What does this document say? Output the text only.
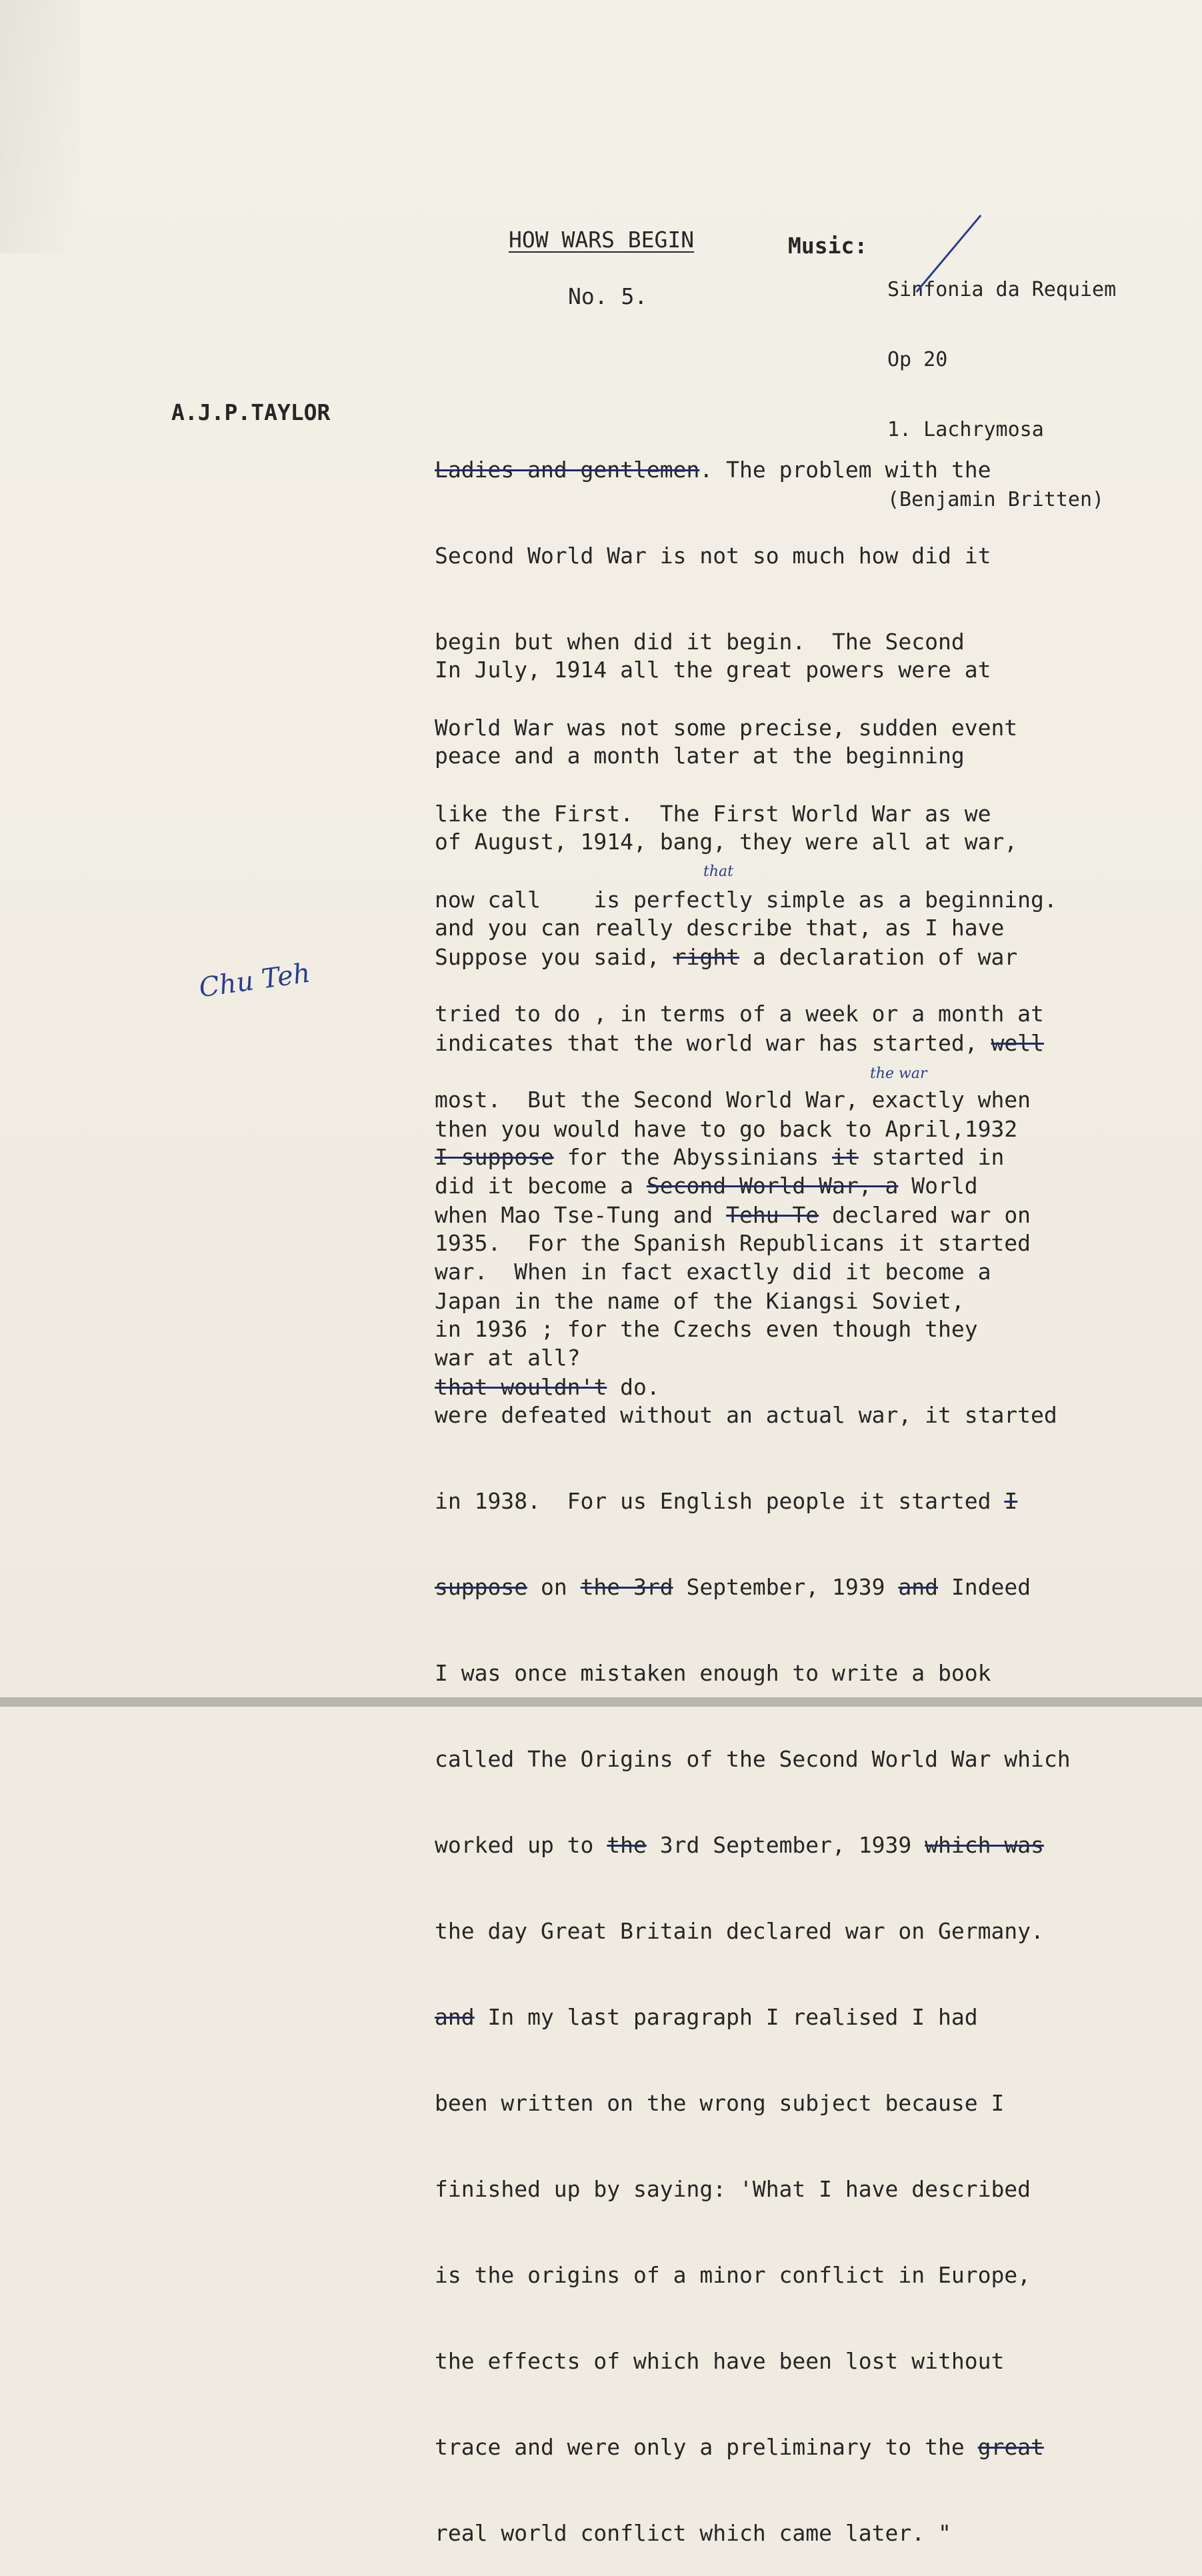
HOW WARS BEGIN
No. 5.
Music:

Sinfonia da Requiem

Op 20

1. Lachrymosa

(Benjamin Britten)

A.J.P.TAYLOR
Chu Teh
that
the war

Ladies and gentlemen. The problem with the

Second World War is not so much how did it

begin but when did it begin.  The Second

World War was not some precise, sudden event

like the First.  The First World War as we

now call    is perfectly simple as a beginning.

In July, 1914 all the great powers were at

peace and a month later at the beginning

of August, 1914, bang, they were all at war,

and you can really describe that, as I have

tried to do , in terms of a week or a month at

most.  But the Second World War, exactly when

did it become a Second World War, a World

war.  When in fact exactly did it become a

war at all?

Suppose you said, right a declaration of war

indicates that the world war has started, well

then you would have to go back to April,1932

when Mao Tse-Tung and Tehu Te declared war on

Japan in the name of the Kiangsi Soviet,

that wouldn't do.

I suppose for the Abyssinians it started in

1935.  For the Spanish Republicans it started

in 1936 ; for the Czechs even though they

were defeated without an actual war, it started

in 1938.  For us English people it started I

suppose on the 3rd September, 1939 and Indeed

I was once mistaken enough to write a book

called The Origins of the Second World War which

worked up to the 3rd September, 1939 which was

the day Great Britain declared war on Germany.

and In my last paragraph I realised I had

been written on the wrong subject because I

finished up by saying: 'What I have described

is the origins of a minor conflict in Europe,

the effects of which have been lost without

trace and were only a preliminary to the great

real world conflict which came later. "
